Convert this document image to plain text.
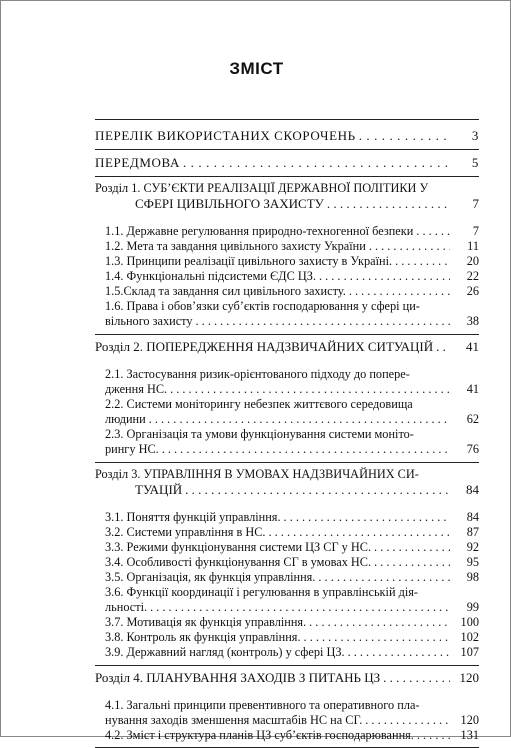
ЗМІСТ
ПЕРЕЛІК ВИКОРИСТАНИХ СКОРОЧЕНЬ . . .	3
ПЕРЕДМОВА . . .	5
Розділ 1. СУБ’ЄКТИ РЕАЛІЗАЦІЇ ДЕРЖАВНОЇ ПОЛІТИКИ У
СФЕРІ ЦИВІЛЬНОГО ЗАХИСТУ . . .	7
1.1. Державне регулювання природно-техногенної безпеки . . .	7
1.2. Мета та завдання цивільного захисту України . . .	11
1.3. Принципи реалізації цивільного захисту в Україні. . . .	20
1.4. Функціональні підсистеми ЄДС ЦЗ. . . .	22
1.5.Склад та завдання сил цивільного захисту. . . .	26
1.6. Права і обов’язки суб’єктів господарювання у сфері ци-
вільного захисту . . .	38
Розділ 2. ПОПЕРЕДЖЕННЯ НАДЗВИЧАЙНИХ СИТУАЦІЙ . . .	41
2.1. Застосування ризик-орієнтованого підходу до попере-
дження НС. . . .	41
2.2. Системи моніторингу небезпек життєвого середовища
людини . . .	62
2.3. Організація та умови функціонування системи моніто-
рингу НС. . . .	76
Розділ 3. УПРАВЛІННЯ В УМОВАХ НАДЗВИЧАЙНИХ СИ-
ТУАЦІЙ . . .	84
3.1. Поняття функцій управління. . . .	84
3.2. Системи управління в НС. . . .	87
3.3. Режими функціонування системи ЦЗ СГ у НС. . . .	92
3.4. Особливості функціонування СГ в умовах НС. . . .	95
3.5. Організація, як функція управління. . . .	98
3.6. Функції координації і регулювання в управлінській дія-
льності. . . .	99
3.7. Мотивація як функція управління. . . .	100
3.8. Контроль як функція управління. . . .	102
3.9. Державний нагляд (контроль) у сфері ЦЗ. . . .	107
Розділ 4. ПЛАНУВАННЯ ЗАХОДІВ З ПИТАНЬ ЦЗ . . .	120
4.1. Загальні принципи превентивного та оперативного пла-
нування заходів зменшення масштабів НС на СГ. . . .	120
4.2. Зміст і структура планів ЦЗ суб’єктів господарювання. . . .	131
